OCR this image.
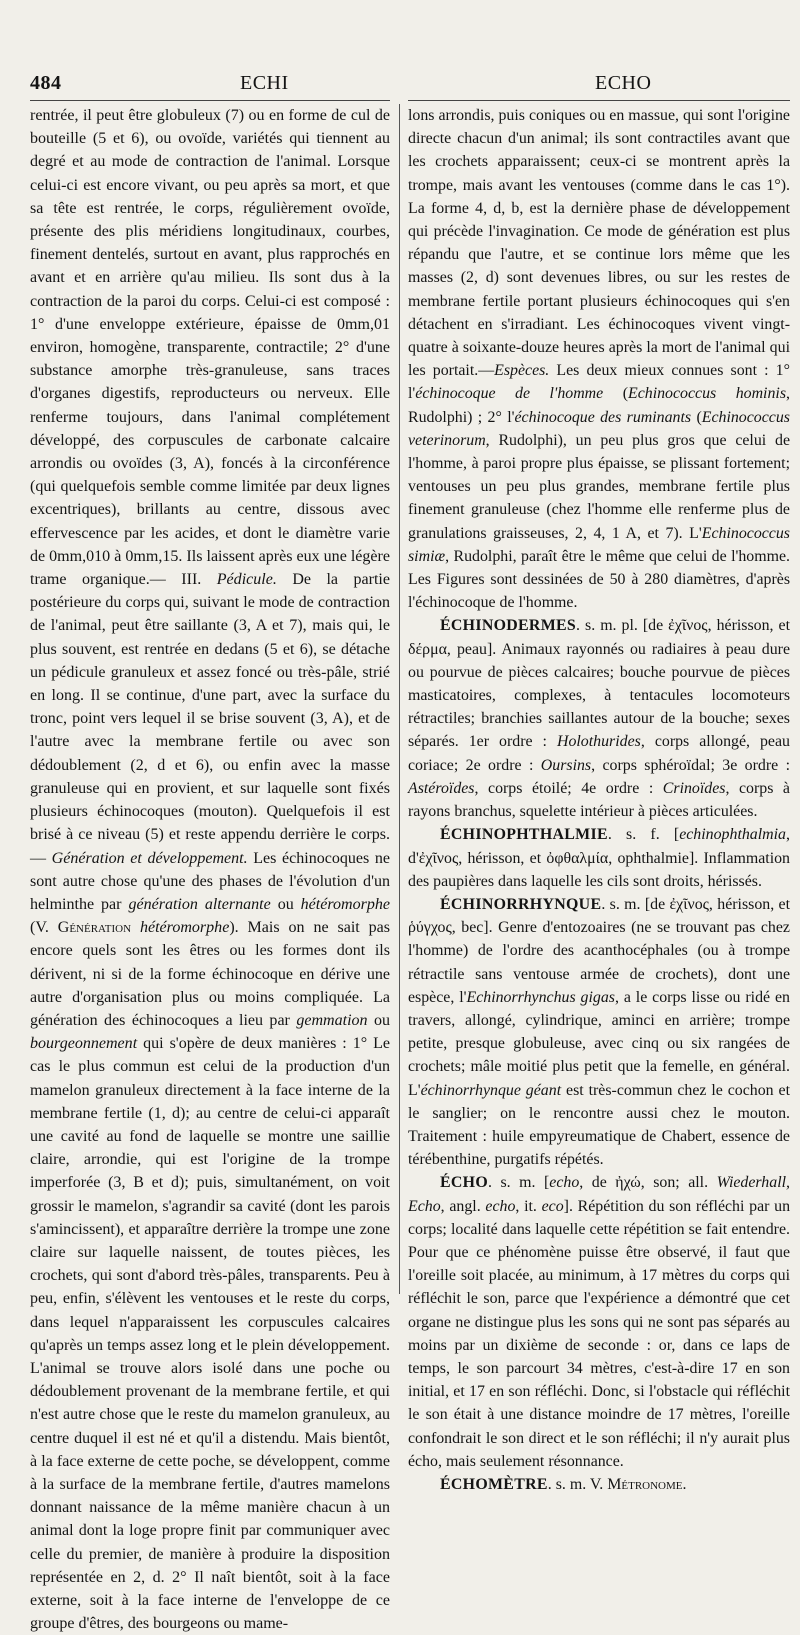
484	ECHI	ECHO

rentrée, il peut être globuleux (7) ou en forme de cul de bouteille (5 et 6), ou ovoïde, variétés qui tiennent au degré et au mode de contraction de l'animal. Lorsque celui-ci est encore vivant, ou peu après sa mort, et que sa tête est rentrée, le corps, régulièrement ovoïde, présente des plis méridiens longitudinaux, courbes, finement dentelés, surtout en avant, plus rapprochés en avant et en arrière qu'au milieu. Ils sont dus à la contraction de la paroi du corps. Celui-ci est composé : 1° d'une enveloppe extérieure, épaisse de 0mm,01 environ, homogène, transparente, contractile; 2° d'une substance amorphe très-granuleuse, sans traces d'organes digestifs, reproducteurs ou nerveux. Elle renferme toujours, dans l'animal complétement développé, des corpuscules de carbonate calcaire arrondis ou ovoïdes (3, A), foncés à la circonférence (qui quelquefois semble comme limitée par deux lignes excentriques), brillants au centre, dissous avec effervescence par les acides, et dont le diamètre varie de 0mm,010 à 0mm,15. Ils laissent après eux une légère trame organique.— III. Pédicule. De la partie postérieure du corps qui, suivant le mode de contraction de l'animal, peut être saillante (3, A et 7), mais qui, le plus souvent, est rentrée en dedans (5 et 6), se détache un pédicule granuleux et assez foncé ou très-pâle, strié en long. Il se continue, d'une part, avec la surface du tronc, point vers lequel il se brise souvent (3, A), et de l'autre avec la membrane fertile ou avec son dédoublement (2, d et 6), ou enfin avec la masse granuleuse qui en provient, et sur laquelle sont fixés plusieurs échinocoques (mouton). Quelquefois il est brisé à ce niveau (5) et reste appendu derrière le corps. — Génération et développement. Les échinocoques ne sont autre chose qu'une des phases de l'évolution d'un helminthe par génération alternante ou hétéromorphe (V. Génération hétéromorphe). Mais on ne sait pas encore quels sont les êtres ou les formes dont ils dérivent, ni si de la forme échinocoque en dérive une autre d'organisation plus ou moins compliquée. La génération des échinocoques a lieu par gemmation ou bourgeonnement qui s'opère de deux manières : 1° Le cas le plus commun est celui de la production d'un mamelon granuleux directement à la face interne de la membrane fertile (1, d); au centre de celui-ci apparaît une cavité au fond de laquelle se montre une saillie claire, arrondie, qui est l'origine de la trompe imperforée (3, B et d); puis, simultanément, on voit grossir le mamelon, s'agrandir sa cavité (dont les parois s'amincissent), et apparaître derrière la trompe une zone claire sur laquelle naissent, de toutes pièces, les crochets, qui sont d'abord très-pâles, transparents. Peu à peu, enfin, s'élèvent les ventouses et le reste du corps, dans lequel n'apparaissent les corpuscules calcaires qu'après un temps assez long et le plein développement. L'animal se trouve alors isolé dans une poche ou dédoublement provenant de la membrane fertile, et qui n'est autre chose que le reste du mamelon granuleux, au centre duquel il est né et qu'il a distendu. Mais bientôt, à la face externe de cette poche, se développent, comme à la surface de la membrane fertile, d'autres mamelons donnant naissance de la même manière chacun à un animal dont la loge propre finit par communiquer avec celle du premier, de manière à produire la disposition représentée en 2, d. 2° Il naît bientôt, soit à la face externe, soit à la face interne de l'enveloppe de ce groupe d'êtres, des bourgeons ou mame-

lons arrondis, puis coniques ou en massue, qui sont l'origine directe chacun d'un animal; ils sont contractiles avant que les crochets apparaissent; ceux-ci se montrent après la trompe, mais avant les ventouses (comme dans le cas 1°). La forme 4, d, b, est la dernière phase de développement qui précède l'invagination. Ce mode de génération est plus répandu que l'autre, et se continue lors même que les masses (2, d) sont devenues libres, ou sur les restes de membrane fertile portant plusieurs échinocoques qui s'en détachent en s'irradiant. Les échinocoques vivent vingt-quatre à soixante-douze heures après la mort de l'animal qui les portait.—Espèces. Les deux mieux connues sont : 1° l'échinocoque de l'homme (Echinococcus hominis, Rudolphi) ; 2° l'échinocoque des ruminants (Echinococcus veterinorum, Rudolphi), un peu plus gros que celui de l'homme, à paroi propre plus épaisse, se plissant fortement; ventouses un peu plus grandes, membrane fertile plus finement granuleuse (chez l'homme elle renferme plus de granulations graisseuses, 2, 4, 1 A, et 7). L'Echinococcus simiæ, Rudolphi, paraît être le même que celui de l'homme. Les Figures sont dessinées de 50 à 280 diamètres, d'après l'échinocoque de l'homme.

ÉCHINODERMES. s. m. pl. [de ἐχῖνος, hérisson, et δέρμα, peau]. Animaux rayonnés ou radiaires à peau dure ou pourvue de pièces calcaires; bouche pourvue de pièces masticatoires, complexes, à tentacules locomoteurs rétractiles; branchies saillantes autour de la bouche; sexes séparés. 1er ordre : Holothurides, corps allongé, peau coriace; 2e ordre : Oursins, corps sphéroïdal; 3e ordre : Astéroïdes, corps étoilé; 4e ordre : Crinoïdes, corps à rayons branchus, squelette intérieur à pièces articulées.

ÉCHINOPHTHALMIE. s. f. [echinophthalmia, d'ἐχῖνος, hérisson, et ὀφθαλμία, ophthalmie]. Inflammation des paupières dans laquelle les cils sont droits, hérissés.

ÉCHINORRHYNQUE. s. m. [de ἐχῖνος, hérisson, et ῥύγχος, bec]. Genre d'entozoaires (ne se trouvant pas chez l'homme) de l'ordre des acanthocéphales (ou à trompe rétractile sans ventouse armée de crochets), dont une espèce, l'Echinorrhynchus gigas, a le corps lisse ou ridé en travers, allongé, cylindrique, aminci en arrière; trompe petite, presque globuleuse, avec cinq ou six rangées de crochets; mâle moitié plus petit que la femelle, en général. L'échinorrhynque géant est très-commun chez le cochon et le sanglier; on le rencontre aussi chez le mouton. Traitement : huile empyreumatique de Chabert, essence de térébenthine, purgatifs répétés.

ÉCHO. s. m. [echo, de ἠχώ, son; all. Wiederhall, Echo, angl. echo, it. eco]. Répétition du son réfléchi par un corps; localité dans laquelle cette répétition se fait entendre. Pour que ce phénomène puisse être observé, il faut que l'oreille soit placée, au minimum, à 17 mètres du corps qui réfléchit le son, parce que l'expérience a démontré que cet organe ne distingue plus les sons qui ne sont pas séparés au moins par un dixième de seconde : or, dans ce laps de temps, le son parcourt 34 mètres, c'est-à-dire 17 en son initial, et 17 en son réfléchi. Donc, si l'obstacle qui réfléchit le son était à une distance moindre de 17 mètres, l'oreille confondrait le son direct et le son réfléchi; il n'y aurait plus écho, mais seulement résonnance.

ÉCHOMÈTRE. s. m. V. Métronome.
